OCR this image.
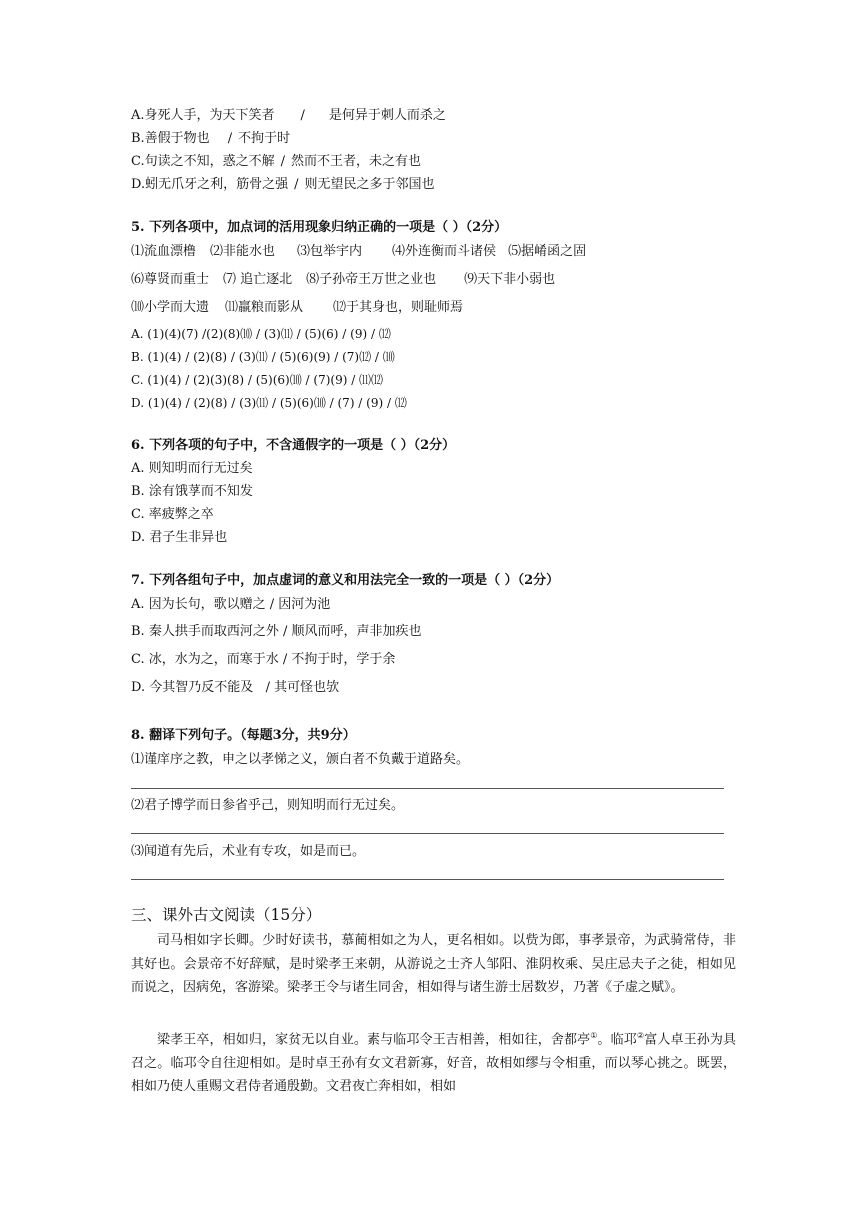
A.身死人手，为天下笑者 / 是何异于刺人而杀之
B.善假于物也 / 不拘于时
C.句读之不知，惑之不解 / 然而不王者，未之有也
D.蚓无爪牙之利，筋骨之强 / 则无望民之多于邻国也
5. 下列各项中，加点词的活用现象归纳正确的一项是（ ）（2分）
⑴流血漂橹 ⑵非能水也 ⑶包举宇内 ⑷外连衡而斗诸侯 ⑸据崤函之固
⑹尊贤而重士 ⑺ 追亡逐北 ⑻子孙帝王万世之业也 ⑼天下非小弱也
⑽小学而大遗 ⑾羸粮而影从 ⑿于其身也，则耻师焉
A. (1)(4)(7) /(2)(8)⑽ / (3)⑾ / (5)(6) / (9) / ⑿
B. (1)(4) / (2)(8) / (3)⑾ / (5)(6)(9) / (7)⑿ / ⑽
C. (1)(4) / (2)(3)(8) / (5)(6)⑽ / (7)(9) / ⑾⑿
D. (1)(4) / (2)(8) / (3)⑾ / (5)(6)⑽ / (7) / (9) / ⑿
6. 下列各项的句子中，不含通假字的一项是（ ）（2分）
A. 则知明而行无过矣
B. 涂有饿莩而不知发
C. 率疲弊之卒
D. 君子生非异也
7. 下列各组句子中，加点虚词的意义和用法完全一致的一项是（ ）（2分）
A. 因为长句，歌以赠之 / 因河为池
B. 秦人拱手而取西河之外 / 顺风而呼，声非加疾也
C. 冰，水为之，而寒于水 / 不拘于时，学于余
D. 今其智乃反不能及   / 其可怪也欤
8. 翻译下列句子。（每题3分，共9分）
⑴谨庠序之教，申之以孝悌之义，颁白者不负戴于道路矣。
⑵君子博学而日参省乎己，则知明而行无过矣。
⑶闻道有先后，术业有专攻，如是而已。
三、课外古文阅读（15分）
司马相如字长卿。少时好读书，慕蔺相如之为人，更名相如。以赀为郎，事孝景帝，为武骑常侍，非其好也。会景帝不好辞赋，是时梁孝王来朝，从游说之士齐人邹阳、淮阴枚乘、吴庄忌夫子之徒，相如见而说之，因病免，客游梁。梁孝王令与诸生同舍，相如得与诸生游士居数岁，乃著《子虚之赋》。
梁孝王卒，相如归，家贫无以自业。素与临邛令王吉相善，相如往，舍都亭①。临邛②富人卓王孙为具召之。临邛令自往迎相如。是时卓王孙有女文君新寡，好音，故相如缪与令相重，而以琴心挑之。既罢，相如乃使人重赐文君侍者通殷勤。文君夜亡奔相如，相如
